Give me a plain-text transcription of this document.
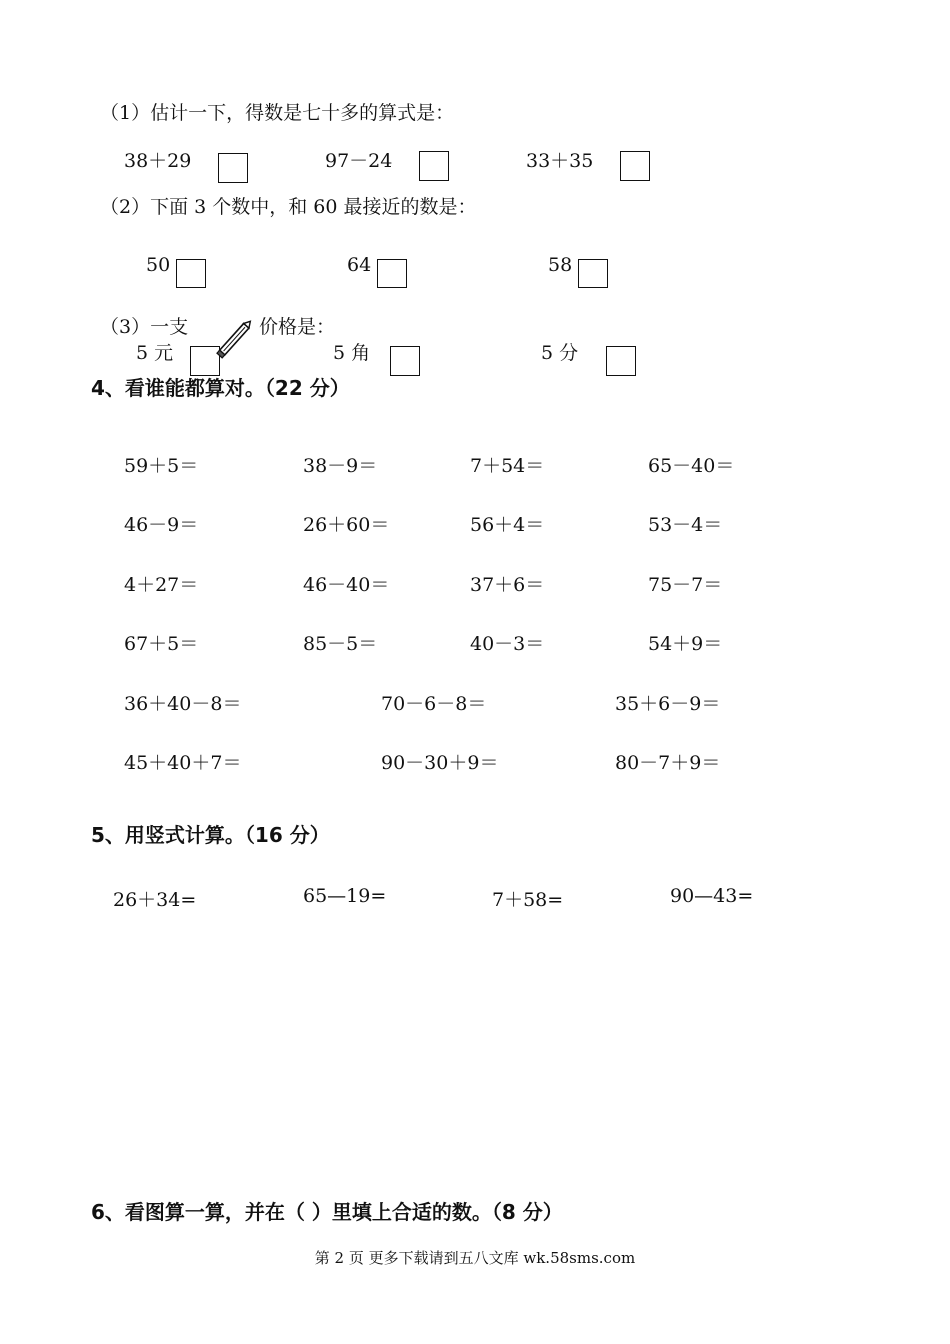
（1）估计一下，得数是七十多的算式是：
38＋29	97－24	33＋35
（2）下面 3 个数中，和 60 最接近的数是：
50	64	58
（3）一支	价格是：
5 元	5 角	5 分
4、看谁能都算对。（22 分）
59＋5＝	38－9＝	7＋54＝	65－40＝
46－9＝	26＋60＝	56＋4＝	53－4＝
4＋27＝	46－40＝	37＋6＝	75－7＝
67＋5＝	85－5＝	40－3＝	54＋9＝
36＋40－8＝	70－6－8＝	35＋6－9＝
45＋40＋7＝	90－30＋9＝	80－7＋9＝
5、用竖式计算。（16 分）
26＋34=	65—19=	7＋58=	90—43=
6、看图算一算，并在（ ）里填上合适的数。（8 分）
第 2 页 更多下载请到五八文库 wk.58sms.com
